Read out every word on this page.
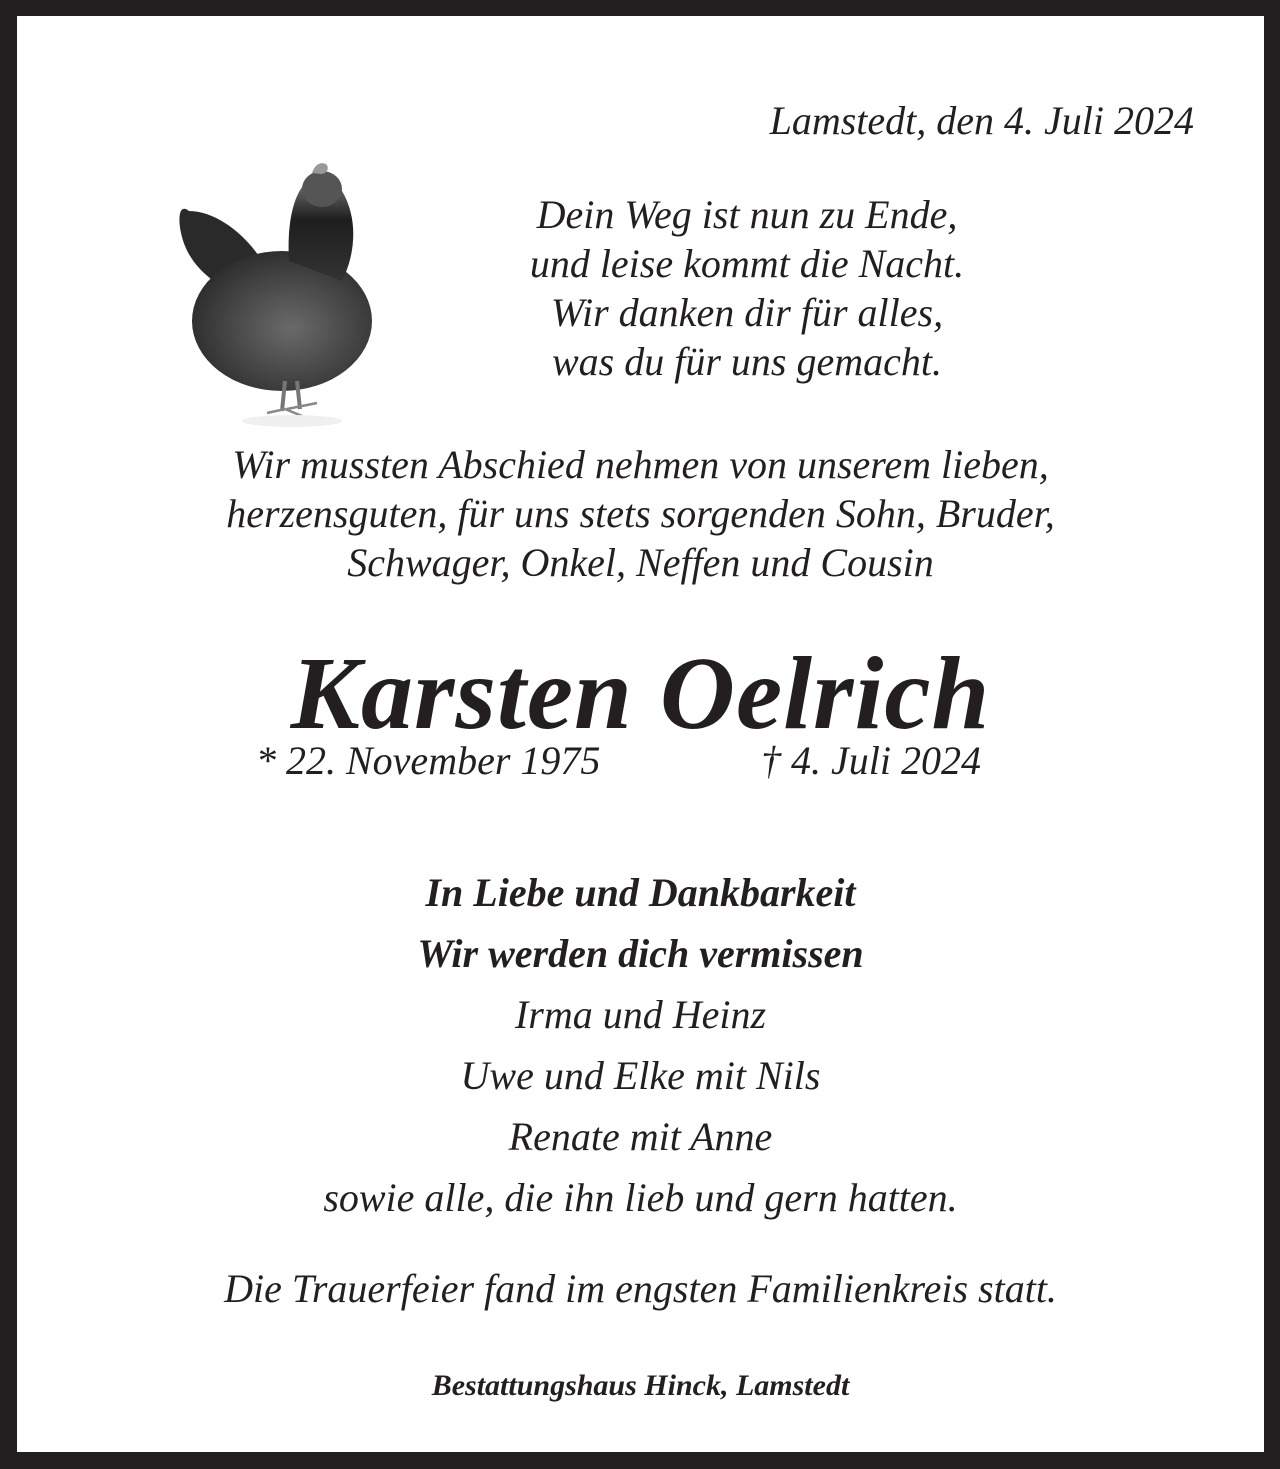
Lamstedt, den 4. Juli 2024
Dein Weg ist nun zu Ende,
und leise kommt die Nacht.
Wir danken dir für alles,
was du für uns gemacht.
Wir mussten Abschied nehmen von unserem lieben,
herzensguten, für uns stets sorgenden Sohn, Bruder,
Schwager, Onkel, Neffen und Cousin
Karsten Oelrich
* 22. November 1975	† 4. Juli 2024
In Liebe und Dankbarkeit
Wir werden dich vermissen
Irma und Heinz
Uwe und Elke mit Nils
Renate mit Anne
sowie alle, die ihn lieb und gern hatten.
Die Trauerfeier fand im engsten Familienkreis statt.
Bestattungshaus Hinck, Lamstedt
